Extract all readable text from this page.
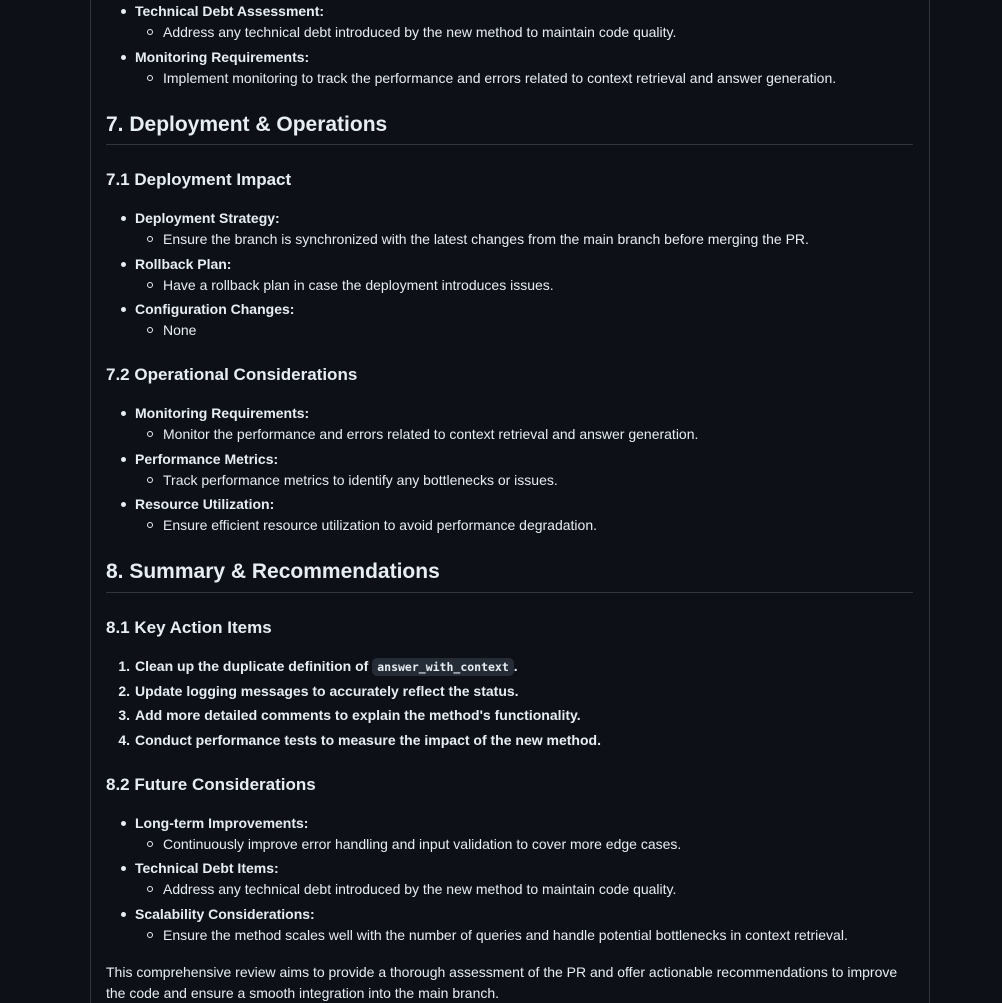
Technical Debt Assessment:
Address any technical debt introduced by the new method to maintain code quality.
Monitoring Requirements:
Implement monitoring to track the performance and errors related to context retrieval and answer generation.
7. Deployment & Operations
7.1 Deployment Impact
Deployment Strategy:
Ensure the branch is synchronized with the latest changes from the main branch before merging the PR.
Rollback Plan:
Have a rollback plan in case the deployment introduces issues.
Configuration Changes:
None
7.2 Operational Considerations
Monitoring Requirements:
Monitor the performance and errors related to context retrieval and answer generation.
Performance Metrics:
Track performance metrics to identify any bottlenecks or issues.
Resource Utilization:
Ensure efficient resource utilization to avoid performance degradation.
8. Summary & Recommendations
8.1 Key Action Items
1. Clean up the duplicate definition of answer_with_context .
2. Update logging messages to accurately reflect the status.
3. Add more detailed comments to explain the method's functionality.
4. Conduct performance tests to measure the impact of the new method.
8.2 Future Considerations
Long-term Improvements:
Continuously improve error handling and input validation to cover more edge cases.
Technical Debt Items:
Address any technical debt introduced by the new method to maintain code quality.
Scalability Considerations:
Ensure the method scales well with the number of queries and handle potential bottlenecks in context retrieval.
This comprehensive review aims to provide a thorough assessment of the PR and offer actionable recommendations to improve the code and ensure a smooth integration into the main branch.
